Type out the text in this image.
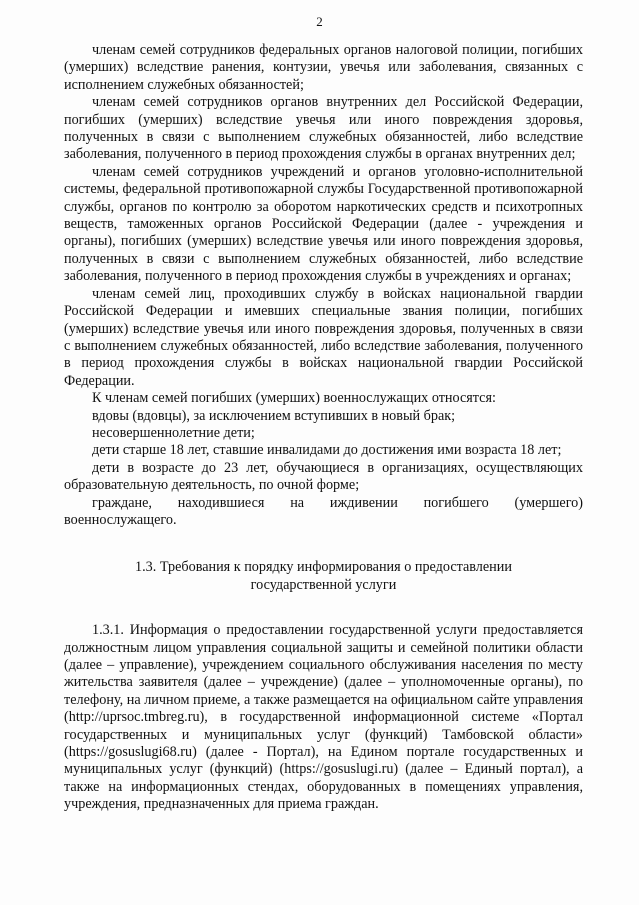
2

членам семей сотрудников федеральных органов налоговой полиции, погибших (умерших) вследствие ранения, контузии, увечья или заболевания, связанных с исполнением служебных обязанностей;

членам семей сотрудников органов внутренних дел Российской Федерации, погибших (умерших) вследствие увечья или иного повреждения здоровья, полученных в связи с выполнением служебных обязанностей, либо вследствие заболевания, полученного в период прохождения службы в органах внутренних дел;

членам семей сотрудников учреждений и органов уголовно-исполнительной системы, федеральной противопожарной службы Государственной противопожарной службы, органов по контролю за оборотом наркотических средств и психотропных веществ, таможенных органов Российской Федерации (далее - учреждения и органы), погибших (умерших) вследствие увечья или иного повреждения здоровья, полученных в связи с выполнением служебных обязанностей, либо вследствие заболевания, полученного в период прохождения службы в учреждениях и органах;

членам семей лиц, проходивших службу в войсках национальной гвардии Российской Федерации и имевших специальные звания полиции, погибших (умерших) вследствие увечья или иного повреждения здоровья, полученных в связи с выполнением служебных обязанностей, либо вследствие заболевания, полученного в период прохождения службы в войсках национальной гвардии Российской Федерации.

К членам семей погибших (умерших) военнослужащих относятся:

вдовы (вдовцы), за исключением вступивших в новый брак;

несовершеннолетние дети;

дети старше 18 лет, ставшие инвалидами до достижения ими возраста 18 лет;

дети в возрасте до 23 лет, обучающиеся в организациях, осуществляющих образовательную деятельность, по очной форме;

граждане, находившиеся на иждивении погибшего (умершего) военнослужащего.

1.3. Требования к порядку информирования о предоставлении государственной услуги

1.3.1. Информация о предоставлении государственной услуги предоставляется должностным лицом управления социальной защиты и семейной политики области (далее – управление), учреждением социального обслуживания населения по месту жительства заявителя (далее – учреждение) (далее – уполномоченные органы), по телефону, на личном приеме, а также размещается на официальном сайте управления (http://uprsoc.tmbreg.ru), в государственной информационной системе «Портал государственных и муниципальных услуг (функций) Тамбовской области» (https://gosuslugi68.ru) (далее - Портал), на Едином портале государственных и муниципальных услуг (функций) (https://gosuslugi.ru) (далее – Единый портал), а также на информационных стендах, оборудованных в помещениях управления, учреждения, предназначенных для приема граждан.
